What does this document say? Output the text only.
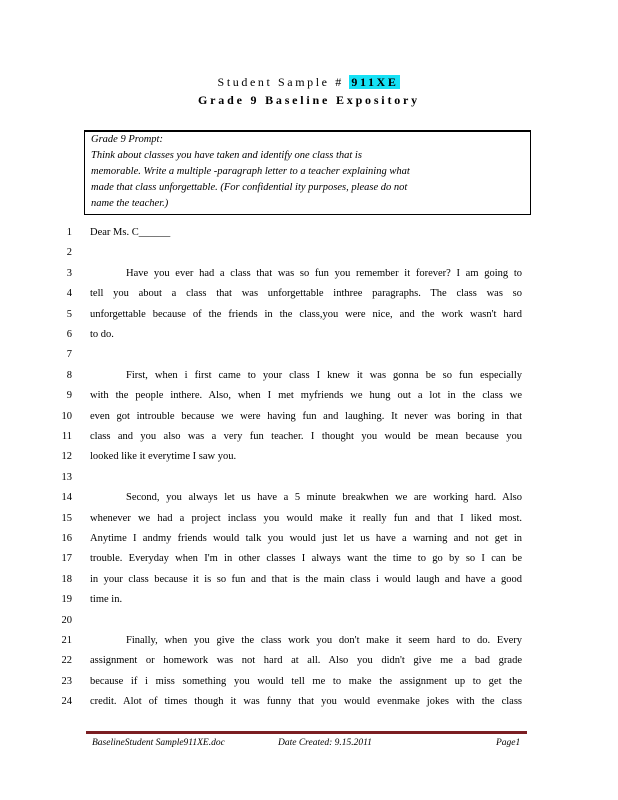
Student Sample # 911XE
Grade 9 Baseline Expository
Grade 9 Prompt:
Think about classes you have taken and identify one class that is
memorable. Write a multiple -paragraph letter to a teacher explaining what
made that class unforgettable. (For confidential ity purposes, please do not
name the teacher.)
1 Dear Ms. C______
2
3	Have you ever had a class that was so fun you remember it forever? I am going to
4 tell you about a class that was unforgettable inthree paragraphs. The class was so
5 unforgettable because of the friends in the class,you were nice, and the work wasn't hard
6 to do.
7
8	First, when i first came to your class I knew it was gonna be so fun especially
9 with the people inthere. Also, when I met myfriends we hung out a lot in the class we
10 even got introuble because we were having fun and laughing. It never was boring in that
11 class and you also was a very fun teacher. I thought you would be mean because you
12 looked like it everytime I saw you.
13
14	Second, you always let us have a 5 minute breakwhen we are working hard. Also
15 whenever we had a project inclass you would make it really fun and that I liked most.
16 Anytime I andmy friends would talk you would just let us have a warning and not get in
17 trouble. Everyday when I'm in other classes I always want the time to go by so I can be
18 in your class because it is so fun and that is the main class i would laugh and have a good
19 time in.
20
21	Finally, when you give the class work you don't make it seem hard to do. Every
22 assignment or homework was not hard at all. Also you didn't give me a bad grade
23 because if i miss something you would tell me to make the assignment up to get the
24 credit. Alot of times though it was funny that you would evenmake jokes with the class
BaselineStudent Sample911XE.doc	Date Created: 9.15.2011	Page1
